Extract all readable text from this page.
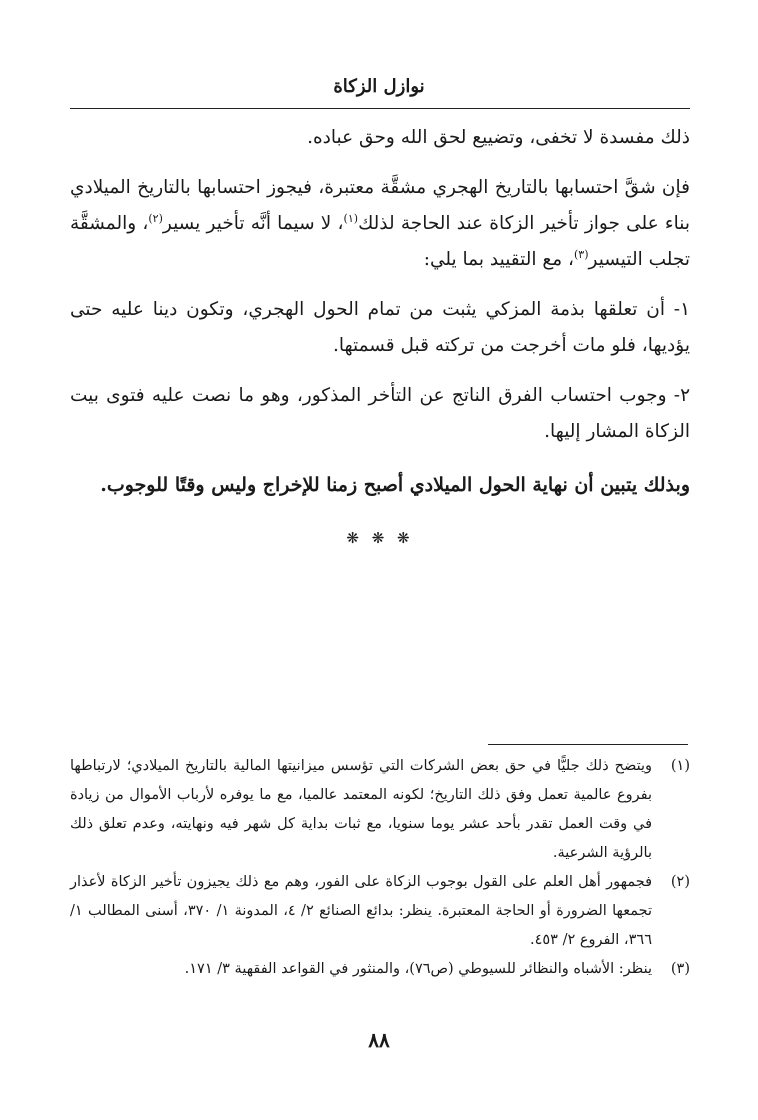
نوازل الزكاة

ذلك مفسدة لا تخفى، وتضييع لحق الله وحق عباده.

فإن شقَّ احتسابها بالتاريخ الهجري مشقَّة معتبرة، فيجوز احتسابها بالتاريخ الميلادي بناء على جواز تأخير الزكاة عند الحاجة لذلك$^{(١)}$، لا سيما أنَّه تأخير يسير$^{(٢)}$، والمشقَّة تجلب التيسير$^{(٣)}$، مع التقييد بما يلي:

١- أن تعلقها بذمة المزكي يثبت من تمام الحول الهجري، وتكون دينا عليه حتى يؤديها، فلو مات أخرجت من تركته قبل قسمتها.

٢- وجوب احتساب الفرق الناتج عن التأخر المذكور، وهو ما نصت عليه فتوى بيت الزكاة المشار إليها.

وبذلك يتبين أن نهاية الحول الميلادي أصبح زمنا للإخراج وليس وقتًا للوجوب.

❋ ❋ ❋
(١)
ويتضح ذلك جليًّا في حق بعض الشركات التي تؤسس ميزانيتها المالية بالتاريخ الميلادي؛ لارتباطها بفروع عالمية تعمل وفق ذلك التاريخ؛ لكونه المعتمد عالميا، مع ما يوفره لأرباب الأموال من زيادة في وقت العمل تقدر بأحد عشر يوما سنويا، مع ثبات بداية كل شهر فيه ونهايته، وعدم تعلق ذلك بالرؤية الشرعية.
(٢)
فجمهور أهل العلم على القول بوجوب الزكاة على الفور، وهم مع ذلك يجيزون تأخير الزكاة لأعذار تجمعها الضرورة أو الحاجة المعتبرة. ينظر: بدائع الصنائع ٢/ ٤، المدونة ١/ ٣٧٠، أسنى المطالب ١/ ٣٦٦، الفروع ٢/ ٤٥٣.
(٣)
ينظر: الأشباه والنظائر للسيوطي (ص٧٦)، والمنثور في القواعد الفقهية ٣/ ١٧١.
٨٨
